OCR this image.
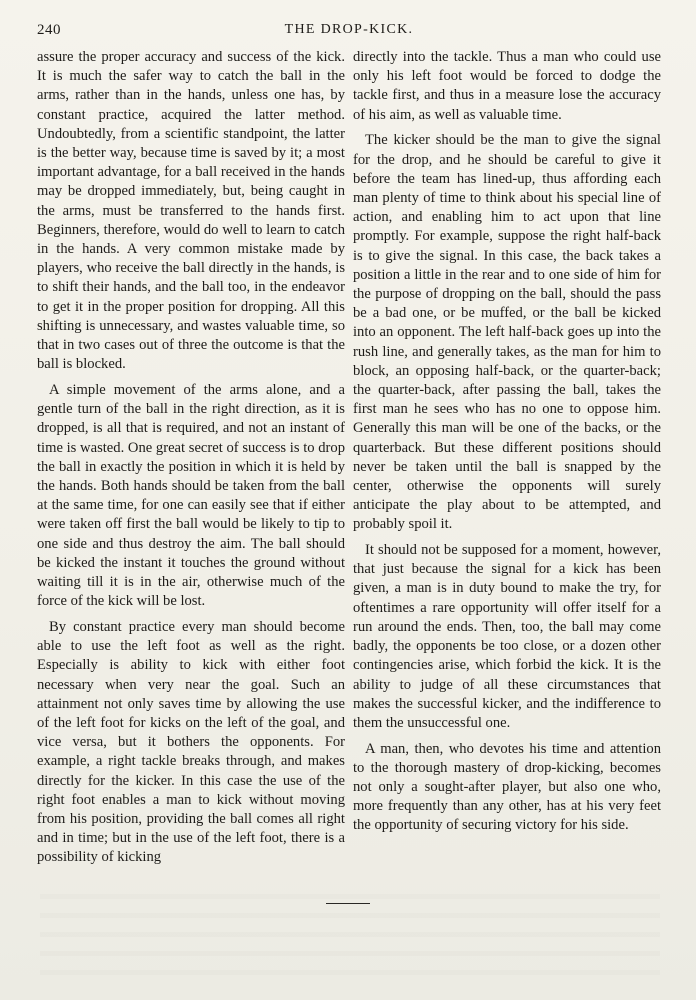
240	THE DROP-KICK.

assure the proper accuracy and success of the kick. It is much the safer way to catch the ball in the arms, rather than in the hands, unless one has, by constant practice, acquired the latter method. Undoubtedly, from a scientific standpoint, the latter is the better way, because time is saved by it; a most important advantage, for a ball received in the hands may be dropped immediately, but, being caught in the arms, must be transferred to the hands first. Beginners, therefore, would do well to learn to catch in the hands. A very common mistake made by players, who receive the ball directly in the hands, is to shift their hands, and the ball too, in the endeavor to get it in the proper position for dropping. All this shifting is unnecessary, and wastes valuable time, so that in two cases out of three the outcome is that the ball is blocked.

A simple movement of the arms alone, and a gentle turn of the ball in the right direction, as it is dropped, is all that is required, and not an instant of time is wasted. One great secret of success is to drop the ball in exactly the position in which it is held by the hands. Both hands should be taken from the ball at the same time, for one can easily see that if either were taken off first the ball would be likely to tip to one side and thus destroy the aim. The ball should be kicked the instant it touches the ground without waiting till it is in the air, otherwise much of the force of the kick will be lost.

By constant practice every man should become able to use the left foot as well as the right. Especially is ability to kick with either foot necessary when very near the goal. Such an attainment not only saves time by allowing the use of the left foot for kicks on the left of the goal, and vice versa, but it bothers the opponents. For example, a right tackle breaks through, and makes directly for the kicker. In this case the use of the right foot enables a man to kick without moving from his position, providing the ball comes all right and in time; but in the use of the left foot, there is a possibility of kicking

directly into the tackle. Thus a man who could use only his left foot would be forced to dodge the tackle first, and thus in a measure lose the accuracy of his aim, as well as valuable time.

The kicker should be the man to give the signal for the drop, and he should be careful to give it before the team has lined-up, thus affording each man plenty of time to think about his special line of action, and enabling him to act upon that line promptly. For example, suppose the right half-back is to give the signal. In this case, the back takes a position a little in the rear and to one side of him for the purpose of dropping on the ball, should the pass be a bad one, or be muffed, or the ball be kicked into an opponent. The left half-back goes up into the rush line, and generally takes, as the man for him to block, an opposing half-back, or the quarter-back; the quarter-back, after passing the ball, takes the first man he sees who has no one to oppose him. Generally this man will be one of the backs, or the quarterback. But these different positions should never be taken until the ball is snapped by the center, otherwise the opponents will surely anticipate the play about to be attempted, and probably spoil it.

It should not be supposed for a moment, however, that just because the signal for a kick has been given, a man is in duty bound to make the try, for oftentimes a rare opportunity will offer itself for a run around the ends. Then, too, the ball may come badly, the opponents be too close, or a dozen other contingencies arise, which forbid the kick. It is the ability to judge of all these circumstances that makes the successful kicker, and the indifference to them the unsuccessful one.

A man, then, who devotes his time and attention to the thorough mastery of drop-kicking, becomes not only a sought-after player, but also one who, more frequently than any other, has at his very feet the opportunity of securing victory for his side.
